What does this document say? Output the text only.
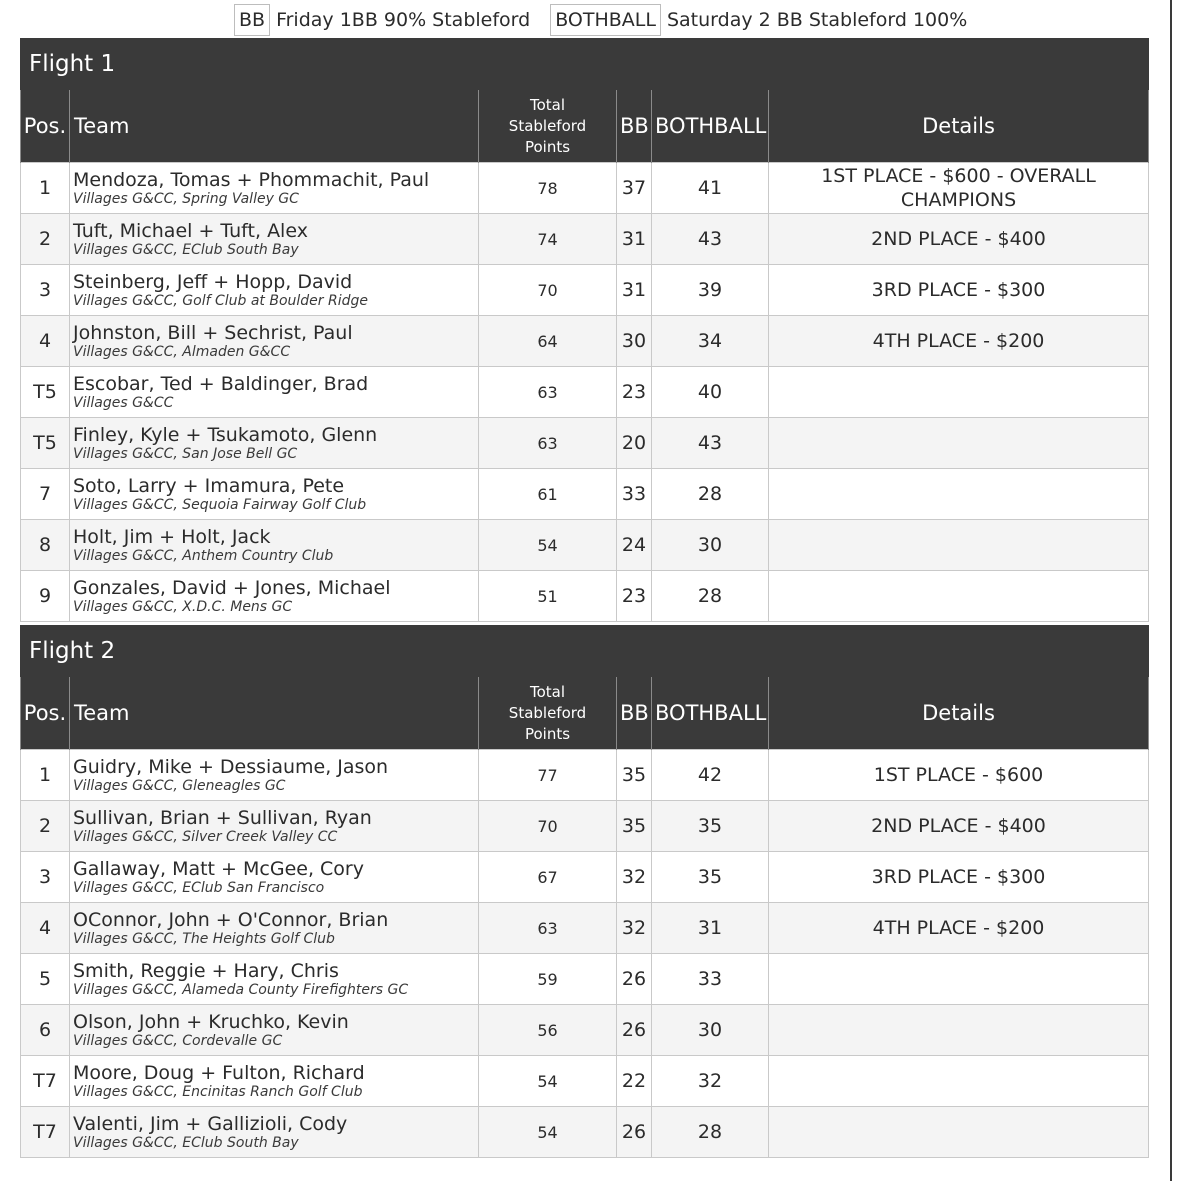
BB Friday 1BB 90% Stableford BOTHBALL Saturday 2 BB Stableford 100%
Flight 1					
Pos.	Team	Total
Stableford
Points	BB	BOTHBALL	Details
1	Mendoza, Tomas + Phommachit, Paul
Villages G&CC, Spring Valley GC	78	37	41	1ST PLACE - $600 - OVERALL CHAMPIONS
2	Tuft, Michael + Tuft, Alex
Villages G&CC, EClub South Bay	74	31	43	2ND PLACE - $400
3	Steinberg, Jeff + Hopp, David
Villages G&CC, Golf Club at Boulder Ridge	70	31	39	3RD PLACE - $300
4	Johnston, Bill + Sechrist, Paul
Villages G&CC, Almaden G&CC	64	30	34	4TH PLACE - $200
T5	Escobar, Ted + Baldinger, Brad
Villages G&CC	63	23	40	
T5	Finley, Kyle + Tsukamoto, Glenn
Villages G&CC, San Jose Bell GC	63	20	43	
7	Soto, Larry + Imamura, Pete
Villages G&CC, Sequoia Fairway Golf Club	61	33	28	
8	Holt, Jim + Holt, Jack
Villages G&CC, Anthem Country Club	54	24	30	
9	Gonzales, David + Jones, Michael
Villages G&CC, X.D.C. Mens GC	51	23	28	
Flight 2					
Pos.	Team	Total
Stableford
Points	BB	BOTHBALL	Details
1	Guidry, Mike + Dessiaume, Jason
Villages G&CC, Gleneagles GC	77	35	42	1ST PLACE - $600
2	Sullivan, Brian + Sullivan, Ryan
Villages G&CC, Silver Creek Valley CC	70	35	35	2ND PLACE - $400
3	Gallaway, Matt + McGee, Cory
Villages G&CC, EClub San Francisco	67	32	35	3RD PLACE - $300
4	OConnor, John + O'Connor, Brian
Villages G&CC, The Heights Golf Club	63	32	31	4TH PLACE - $200
5	Smith, Reggie + Hary, Chris
Villages G&CC, Alameda County Firefighters GC	59	26	33	
6	Olson, John + Kruchko, Kevin
Villages G&CC, Cordevalle GC	56	26	30	
T7	Moore, Doug + Fulton, Richard
Villages G&CC, Encinitas Ranch Golf Club	54	22	32	
T7	Valenti, Jim + Gallizioli, Cody
Villages G&CC, EClub South Bay	54	26	28	
